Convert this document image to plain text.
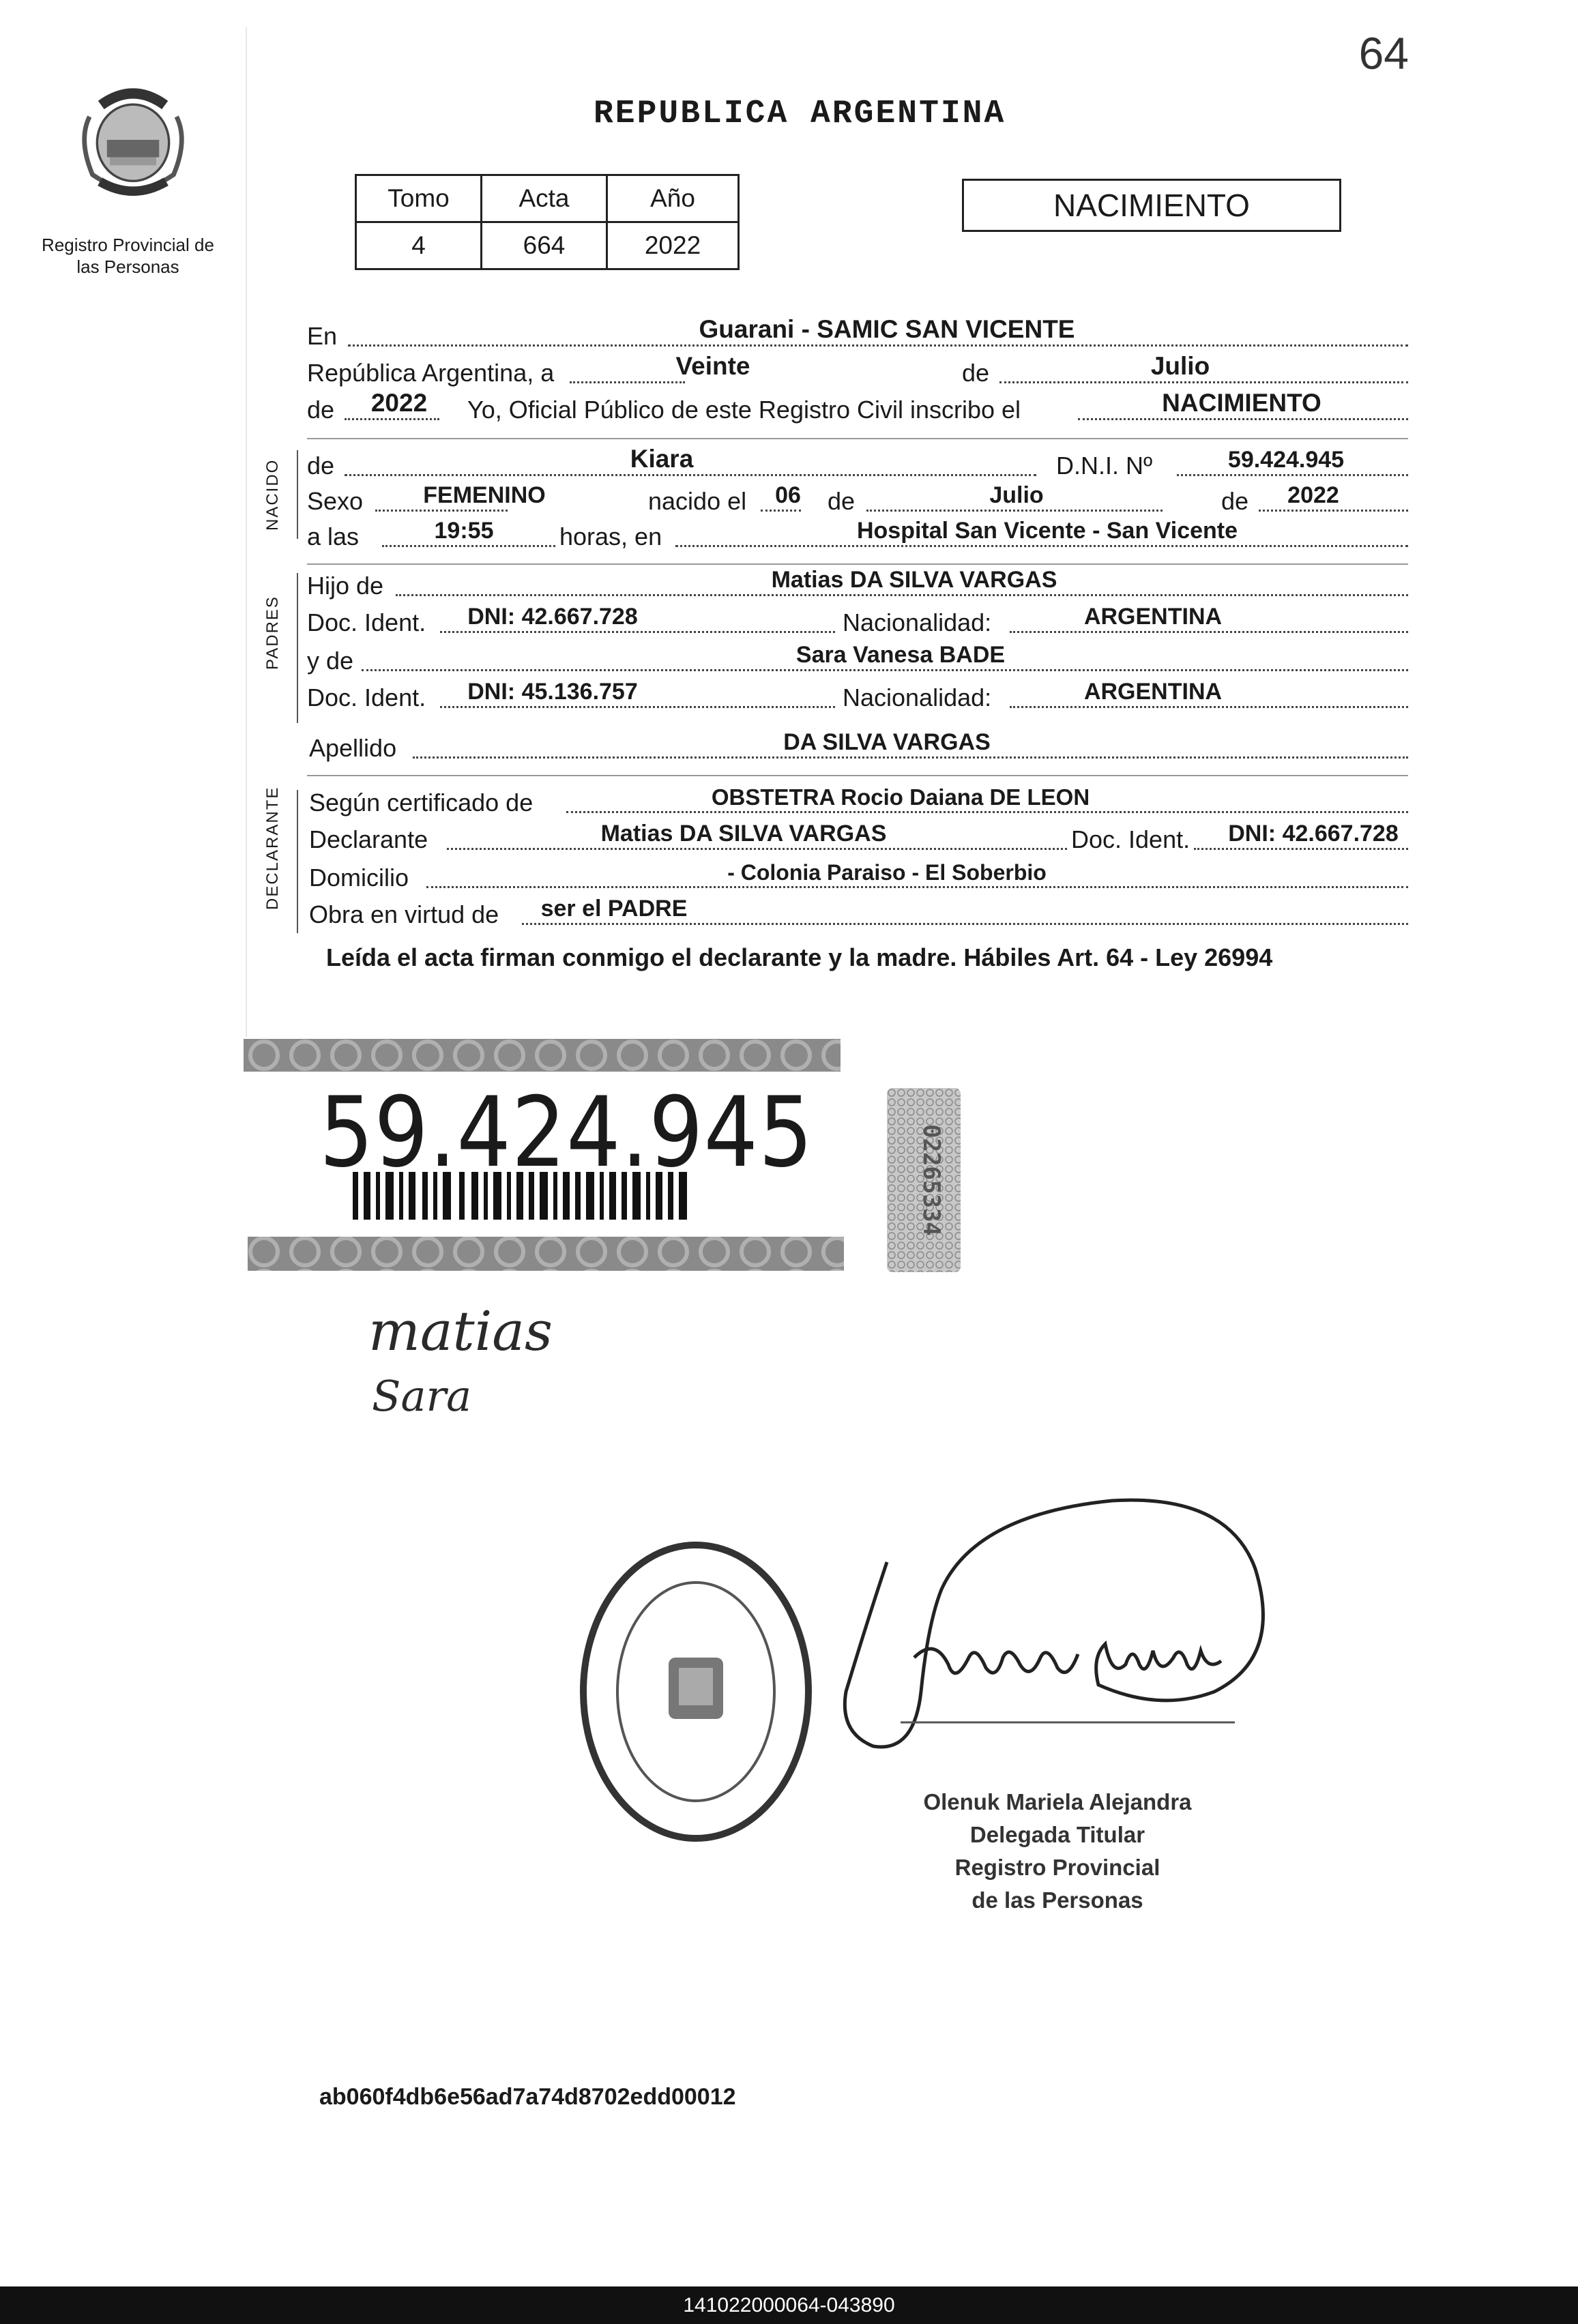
64
Registro Provincial de las Personas
REPUBLICA ARGENTINA
Tomo	Acta	Año
4	664	2022
NACIMIENTO
En	Guarani - SAMIC SAN VICENTE
República Argentina, a	Veinte	de	Julio
de	2022	Yo, Oficial Público de este Registro Civil inscribo el	NACIMIENTO
NACIDO de	Kiara	D.N.I. Nº	59.424.945
Sexo	FEMENINO	nacido el 06 de	Julio	de	2022
a las	19:55	horas, en	Hospital San Vicente - San Vicente
PADRES
Hijo de	Matias DA SILVA VARGAS
Doc. Ident.	DNI: 42.667.728	Nacionalidad:	ARGENTINA
y de	Sara Vanesa BADE
Doc. Ident.	DNI: 45.136.757	Nacionalidad:	ARGENTINA
Apellido	DA SILVA VARGAS
DECLARANTE Según certificado de	OBSTETRA Rocio Daiana DE LEON
Declarante	Matias DA SILVA VARGAS	Doc. Ident.	DNI: 42.667.728
Domicilio	- Colonia Paraiso - El Soberbio
Obra en virtud de	ser el PADRE
Leída el acta firman conmigo el declarante y la madre. Hábiles Art. 64 - Ley 26994
59.424.945	02265334
matias
Sara
Olenuk Mariela Alejandra
Delegada Titular
Registro Provincial
de las Personas
ab060f4db6e56ad7a74d8702edd00012
141022000064-043890
